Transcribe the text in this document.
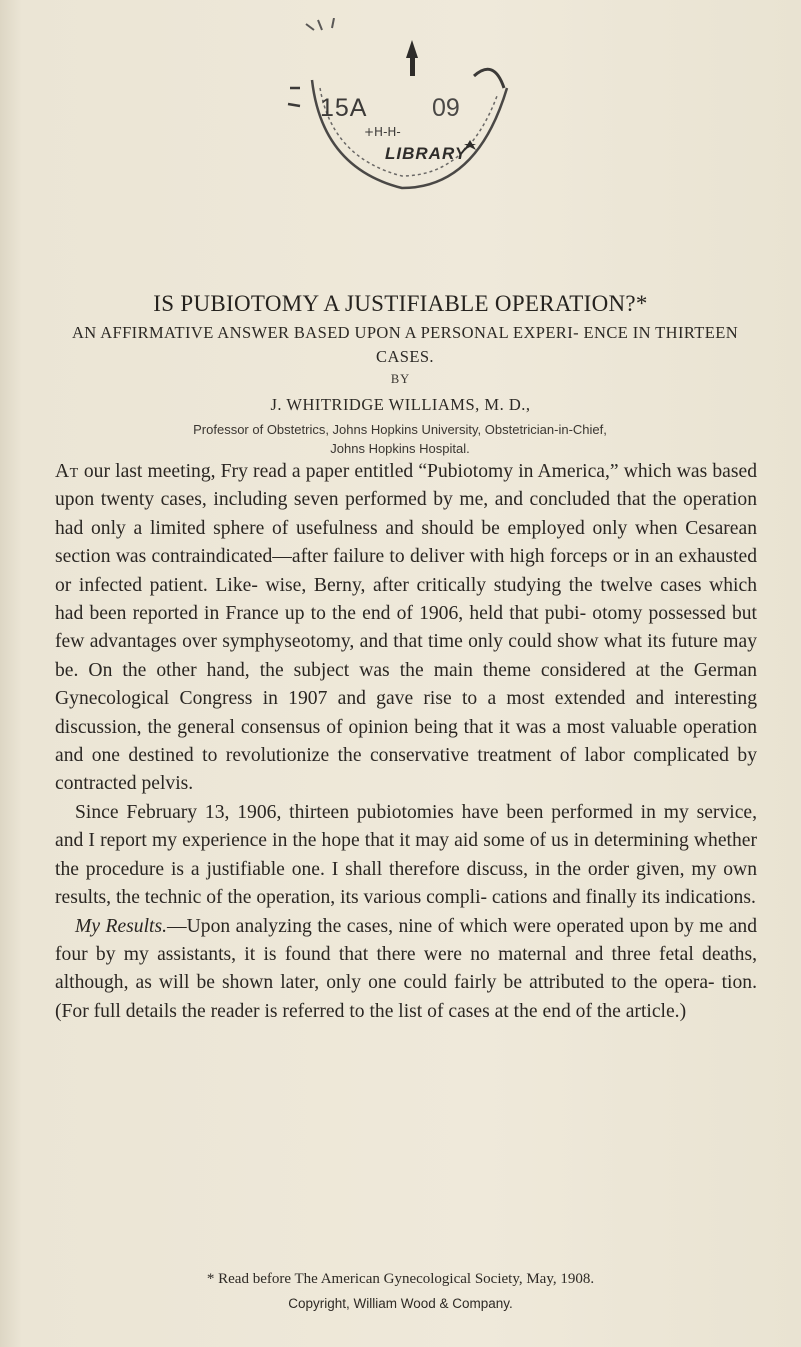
+H-H-
15A	09
LIBRARY
IS PUBIOTOMY A JUSTIFIABLE OPERATION?*
AN AFFIRMATIVE ANSWER BASED UPON A PERSONAL EXPERI- ENCE IN THIRTEEN CASES.
BY
J. WHITRIDGE WILLIAMS, M. D.,
Professor of Obstetrics, Johns Hopkins University, Obstetrician-in-Chief,
Johns Hopkins Hospital.

At our last meeting, Fry read a paper entitled “Pubiotomy in America,” which was based upon twenty cases, including seven performed by me, and concluded that the operation had only a limited sphere of usefulness and should be employed only when Cesarean section was contraindicated—after failure to deliver with high forceps or in an exhausted or infected patient. Like- wise, Berny, after critically studying the twelve cases which had been reported in France up to the end of 1906, held that pubi- otomy possessed but few advantages over symphyseotomy, and that time only could show what its future may be. On the other hand, the subject was the main theme considered at the German Gynecological Congress in 1907 and gave rise to a most extended and interesting discussion, the general consensus of opinion being that it was a most valuable operation and one destined to revolutionize the conservative treatment of labor complicated by contracted pelvis.

Since February 13, 1906, thirteen pubiotomies have been performed in my service, and I report my experience in the hope that it may aid some of us in determining whether the procedure is a justifiable one. I shall therefore discuss, in the order given, my own results, the technic of the operation, its various compli- cations and finally its indications.

My Results.—Upon analyzing the cases, nine of which were operated upon by me and four by my assistants, it is found that there were no maternal and three fetal deaths, although, as will be shown later, only one could fairly be attributed to the opera- tion. (For full details the reader is referred to the list of cases at the end of the article.)

* Read before The American Gynecological Society, May, 1908.
Copyright, William Wood & Company.
